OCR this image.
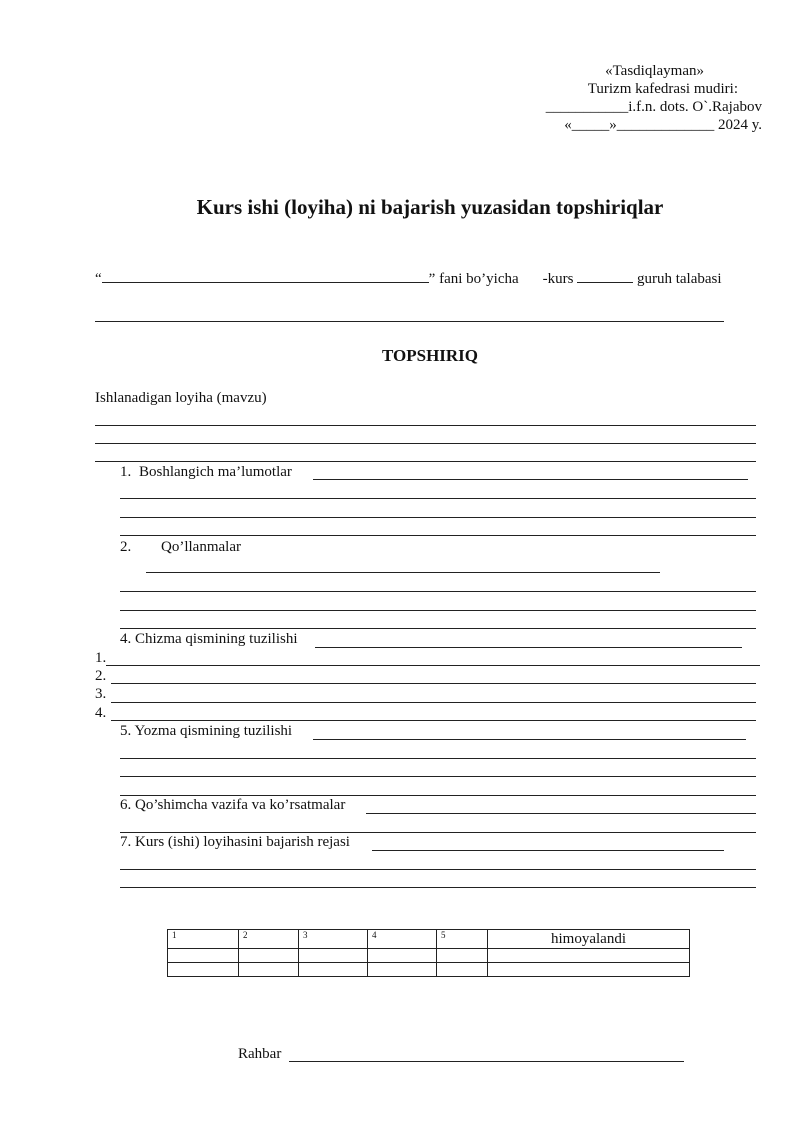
«Tasdiqlayman»
Turizm kafedrasi mudiri:
___________i.f.n. dots. O`.Rajabov
«_____»_____________ 2024 y.
Kurs ishi (loyiha) ni bajarish yuzasidan topshiriqlar
“	” fani bo’yicha -kurs	guruh talabasi
TOPSHIRIQ
Ishlanadigan loyiha (mavzu)
1. Boshlangich ma’lumotlar
2. Qo’llanmalar
4. Chizma qismining tuzilishi
1.
2.
3.
4.
5. Yozma qismining tuzilishi
6. Qo’shimcha vazifa va ko’rsatmalar
7. Kurs (ishi) loyihasini bajarish rejasi
1	2	3	4	5	himoyalandi

Rahbar
